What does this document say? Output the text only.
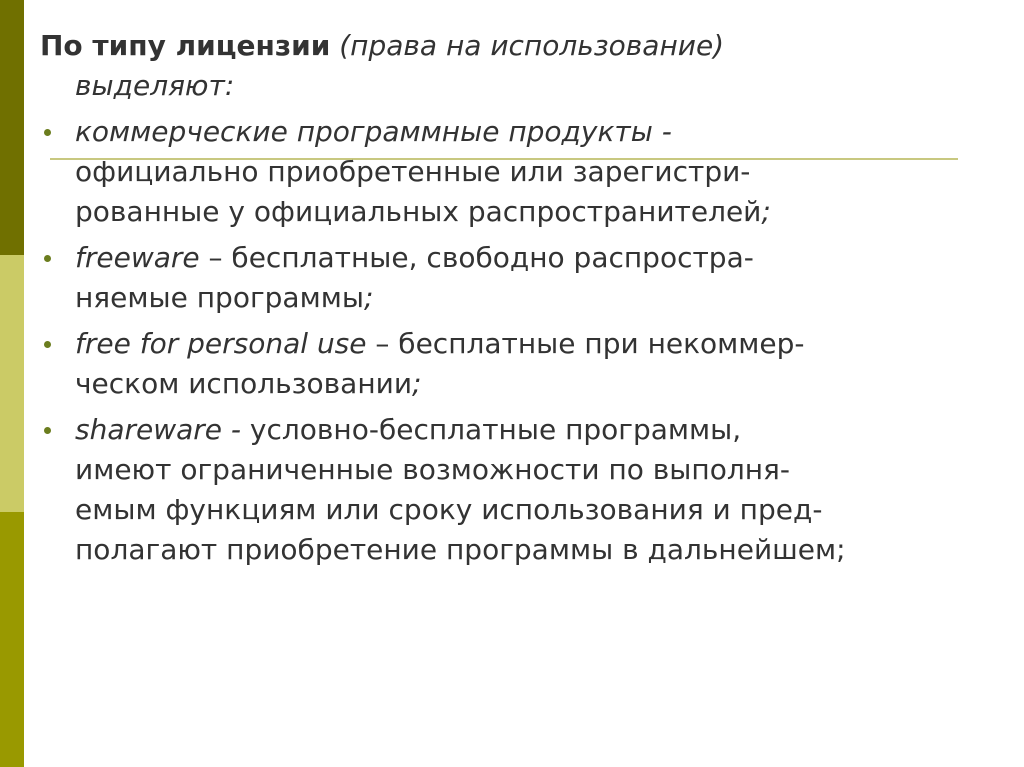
По типу лицензии (права на использование)
выделяют:

коммерческие программные продукты -
официально приобретенные или зарегистри-
рованные у официальных распространителей;
freeware – бесплатные, свободно распростра-
няемые программы;
free for personal use – бесплатные при некоммер-
ческом использовании;
shareware - условно-бесплатные программы,
имеют ограниченные возможности по выполня-
емым функциям или сроку использования и пред-
полагают приобретение программы в дальнейшем;
